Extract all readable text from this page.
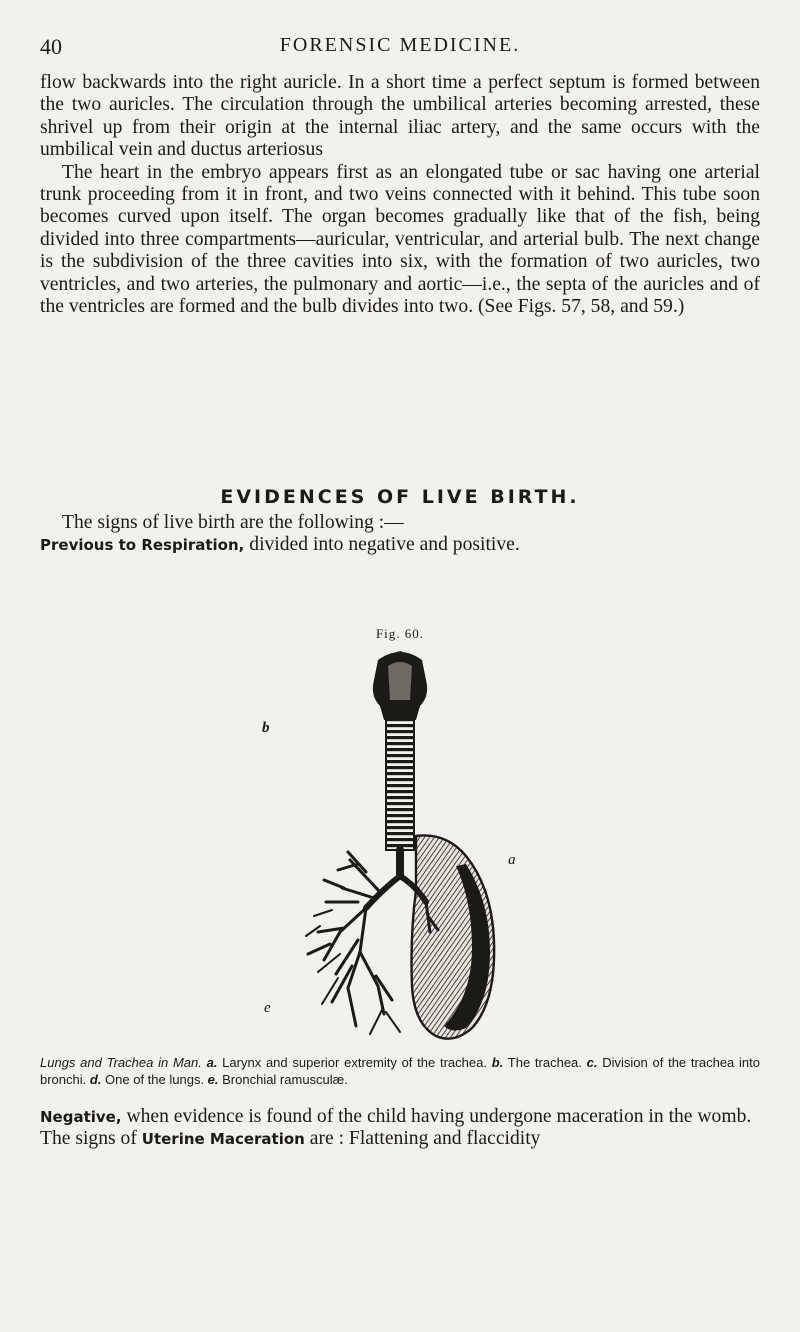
40	FORENSIC MEDICINE.

flow backwards into the right auricle. In a short time a perfect septum is formed between the two auricles. The circulation through the umbilical arteries becoming arrested, these shrivel up from their origin at the internal iliac artery, and the same occurs with the umbilical vein and ductus arteriosus

The heart in the embryo appears first as an elongated tube or sac having one arterial trunk proceeding from it in front, and two veins connected with it behind. This tube soon becomes curved upon itself. The organ becomes gradually like that of the fish, being divided into three compartments—auricular, ventricular, and arterial bulb. The next change is the subdivision of the three cavities into six, with the formation of two auricles, two ventricles, and two arteries, the pulmonary and aortic—i.e., the septa of the auricles and of the ventricles are formed and the bulb divides into two. (See Figs. 57, 58, and 59.)

EVIDENCES OF LIVE BIRTH.

The signs of live birth are the following :—

Previous to Respiration, divided into negative and positive.

Fig. 60.
b
a
e
Lungs and Trachea in Man. a. Larynx and superior extremity of the trachea. b. The trachea. c. Division of the trachea into bronchi. d. One of the lungs. e. Bronchial ramusculæ.

Negative, when evidence is found of the child having undergone maceration in the womb.

The signs of Uterine Maceration are : Flattening and flaccidity
